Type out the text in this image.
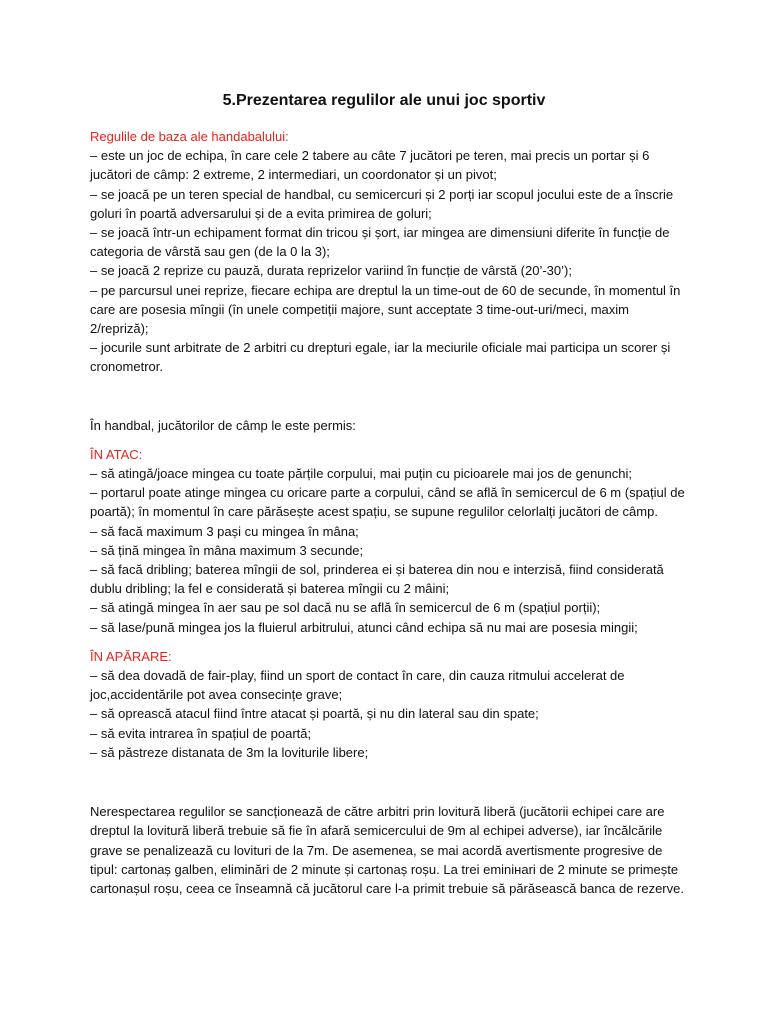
5.Prezentarea regulilor ale unui joc sportiv

Regulile de baza ale handabalului:

– este un joc de echipa, în care cele 2 tabere au câte 7 jucători pe teren, mai precis un portar și 6 jucători de câmp: 2 extreme, 2 intermediari, un coordonator și un pivot;

– se joacă pe un teren special de handbal, cu semicercuri și 2 porți iar scopul jocului este de a înscrie goluri în poartă adversarului și de a evita primirea de goluri;

– se joacă într-un echipament format din tricou și șort, iar mingea are dimensiuni diferite în funcție de categoria de vârstă sau gen (de la 0 la 3);

– se joacă 2 reprize cu pauză, durata reprizelor variind în funcție de vârstă (20’-30’);

– pe parcursul unei reprize, fiecare echipa are dreptul la un time-out de 60 de secunde, în momentul în care are posesia mîngii (în unele competiții majore, sunt acceptate 3 time-out-uri/meci, maxim 2/repriză);

– jocurile sunt arbitrate de 2 arbitri cu drepturi egale, iar la meciurile oficiale mai participa un scorer și cronometror.

În handbal, jucătorilor de câmp le este permis:

ÎN ATAC:

– să atingă/joace mingea cu toate părțile corpului, mai puțin cu picioarele mai jos de genunchi;

– portarul poate atinge mingea cu oricare parte a corpului, când se află în semicercul de 6 m (spațiul de poartă); în momentul în care părăsește acest spațiu, se supune regulilor celorlalți jucători de câmp.

– să facă maximum 3 pași cu mingea în mâna;

– să țină mingea în mâna maximum 3 secunde;

– să facă dribling; baterea mîngii de sol, prinderea ei și baterea din nou e interzisă, fiind considerată dublu dribling; la fel e considerată și baterea mîngii cu 2 mâini;

– să atingă mingea în aer sau pe sol dacă nu se află în semicercul de 6 m (spațiul porții);

– să lase/pună mingea jos la fluierul arbitrului, atunci când echipa să nu mai are posesia mingii;

ÎN APĂRARE:

– să dea dovadă de fair-play, fiind un sport de contact în care, din cauza ritmului accelerat de joc,accidentările pot avea consecințe grave;

– să oprească atacul fiind între atacat și poartă, și nu din lateral sau din spate;

– să evita intrarea în spațiul de poartă;

– să păstreze distanata de 3m la loviturile libere;

Nerespectarea regulilor se sancționează de către arbitri prin lovitură liberă (jucătorii echipei care are dreptul la lovitură liberă trebuie să fie în afară semicercului de 9m al echipei adverse), iar încălcările grave se penalizează cu lovituri de la 7m. De asemenea, se mai acordă avertismente progresive de tipul: cartonaș galben, eliminări de 2 minute și cartonaș roșu. La trei eminінari de 2 minute se primește cartonașul roșu, ceea ce înseamnă că jucătorul care l-a primit trebuie să părăsească banca de rezerve.
